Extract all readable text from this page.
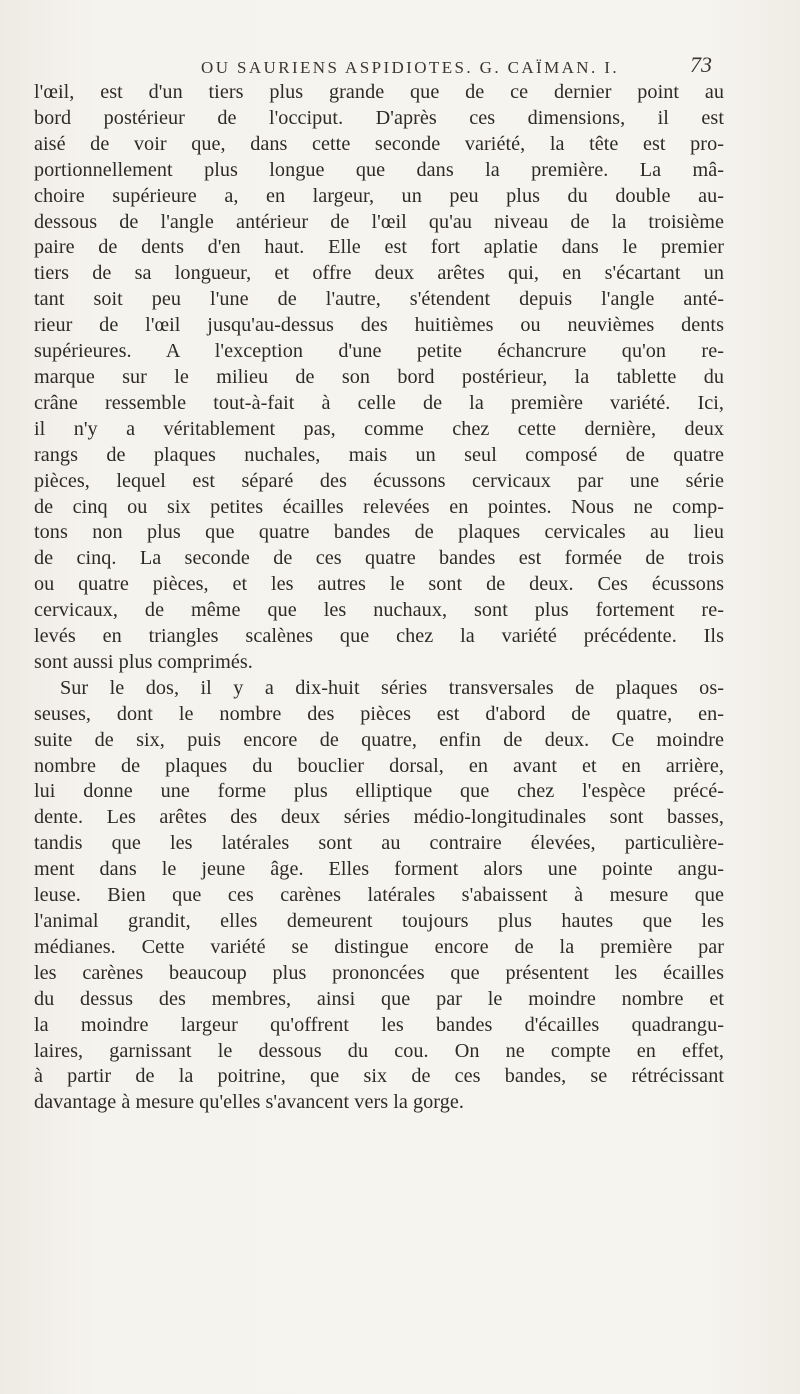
OU SAURIENS ASPIDIOTES. G. CAÏMAN. I.	73

l'œil, est d'un tiers plus grande que de ce dernier point au
bord postérieur de l'occiput. D'après ces dimensions, il est
aisé de voir que, dans cette seconde variété, la tête est pro-
portionnellement plus longue que dans la première. La mâ-
choire supérieure a, en largeur, un peu plus du double au-
dessous de l'angle antérieur de l'œil qu'au niveau de la troisième
paire de dents d'en haut. Elle est fort aplatie dans le premier
tiers de sa longueur, et offre deux arêtes qui, en s'écartant un
tant soit peu l'une de l'autre, s'étendent depuis l'angle anté-
rieur de l'œil jusqu'au-dessus des huitièmes ou neuvièmes dents
supérieures. A l'exception d'une petite échancrure qu'on re-
marque sur le milieu de son bord postérieur, la tablette du
crâne ressemble tout-à-fait à celle de la première variété. Ici,
il n'y a véritablement pas, comme chez cette dernière, deux
rangs de plaques nuchales, mais un seul composé de quatre
pièces, lequel est séparé des écussons cervicaux par une série
de cinq ou six petites écailles relevées en pointes. Nous ne comp-
tons non plus que quatre bandes de plaques cervicales au lieu
de cinq. La seconde de ces quatre bandes est formée de trois
ou quatre pièces, et les autres le sont de deux. Ces écussons
cervicaux, de même que les nuchaux, sont plus fortement re-
levés en triangles scalènes que chez la variété précédente. Ils
sont aussi plus comprimés.

Sur le dos, il y a dix-huit séries transversales de plaques os-
seuses, dont le nombre des pièces est d'abord de quatre, en-
suite de six, puis encore de quatre, enfin de deux. Ce moindre
nombre de plaques du bouclier dorsal, en avant et en arrière,
lui donne une forme plus elliptique que chez l'espèce précé-
dente. Les arêtes des deux séries médio-longitudinales sont basses,
tandis que les latérales sont au contraire élevées, particulière-
ment dans le jeune âge. Elles forment alors une pointe angu-
leuse. Bien que ces carènes latérales s'abaissent à mesure que
l'animal grandit, elles demeurent toujours plus hautes que les
médianes. Cette variété se distingue encore de la première par
les carènes beaucoup plus prononcées que présentent les écailles
du dessus des membres, ainsi que par le moindre nombre et
la moindre largeur qu'offrent les bandes d'écailles quadrangu-
laires, garnissant le dessous du cou. On ne compte en effet,
à partir de la poitrine, que six de ces bandes, se rétrécissant
davantage à mesure qu'elles s'avancent vers la gorge.
